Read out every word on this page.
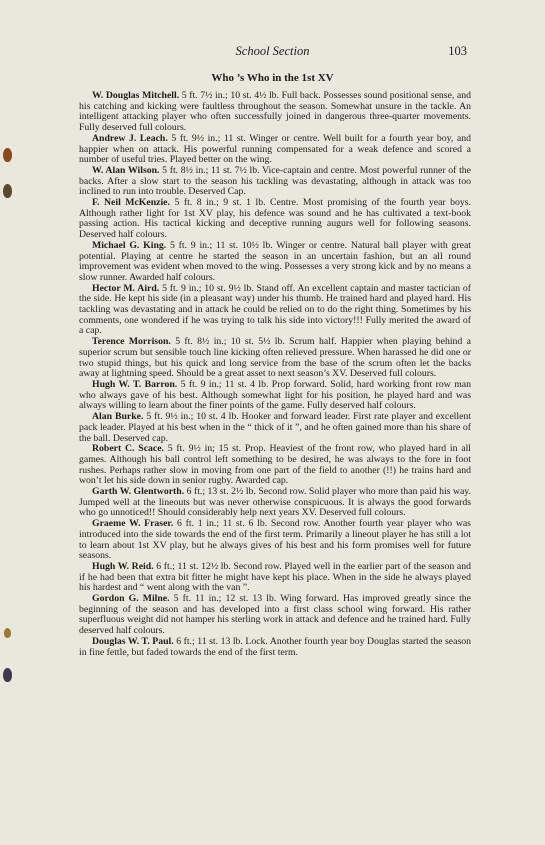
School Section	103
Who ’s Who in the 1st XV

W. Douglas Mitchell. 5 ft. 7½ in.; 10 st. 4½ lb. Full back. Possesses sound positional sense, and his catching and kicking were faultless throughout the season. Somewhat unsure in the tackle. An intelligent attacking player who often successfully joined in dangerous three-quarter movements. Fully deserved full colours.

Andrew J. Leach. 5 ft. 9½ in.; 11 st. Winger or centre. Well built for a fourth year boy, and happier when on attack. His powerful running compensated for a weak defence and scored a number of useful tries. Played better on the wing.

W. Alan Wilson. 5 ft. 8½ in.; 11 st. 7½ lb. Vice-captain and centre. Most powerful runner of the backs. After a slow start to the season his tackling was devastating, although in attack was too inclined to run into trouble. Deserved Cap.

F. Neil McKenzie. 5 ft. 8 in.; 9 st. 1 lb. Centre. Most promising of the fourth year boys. Although rather light for 1st XV play, his defence was sound and he has cultivated a text-book passing action. His tactical kicking and deceptive running augurs well for following seasons. Deserved half colours.

Michael G. King. 5 ft. 9 in.; 11 st. 10½ lb. Winger or centre. Natural ball player with great potential. Playing at centre he started the season in an uncertain fashion, but an all round improvement was evident when moved to the wing. Possesses a very strong kick and by no means a slow runner. Awarded half colours.

Hector M. Aird. 5 ft. 9 in.; 10 st. 9½ lb. Stand off. An excellent captain and master tactician of the side. He kept his side (in a pleasant way) under his thumb. He trained hard and played hard. His tackling was devastating and in attack he could be relied on to do the right thing. Sometimes by his comments, one wondered if he was trying to talk his side into victory!!! Fully merited the award of a cap.

Terence Morrison. 5 ft. 8½ in.; 10 st. 5½ lb. Scrum half. Happier when playing behind a superior scrum but sensible touch line kicking often relieved pressure. When harassed he did one or two stupid things, but his quick and long service from the base of the scrum often let the backs away at lightning speed. Should be a great asset to next season’s XV. Deserved full colours.

Hugh W. T. Barron. 5 ft. 9 in.; 11 st. 4 lb. Prop forward. Solid, hard working front row man who always gave of his best. Although somewhat light for his position, he played hard and was always willing to learn about the finer points of the game. Fully deserved half colours.

Alan Burke. 5 ft. 9½ in.; 10 st. 4 lb. Hooker and forward leader. First rate player and excellent pack leader. Played at his best when in the “ thick of it ”, and he often gained more than his share of the ball. Deserved cap.

Robert C. Scace. 5 ft. 9½ in; 15 st. Prop. Heaviest of the front row, who played hard in all games. Although his ball control left something to be desired, he was always to the fore in foot rushes. Perhaps rather slow in moving from one part of the field to another (!!) he trains hard and won’t let his side down in senior rugby. Awarded cap.

Garth W. Glentworth. 6 ft.; 13 st. 2½ lb. Second row. Solid player who more than paid his way. Jumped well at the lineouts but was never otherwise conspicuous. It is always the good forwards who go unnoticed!! Should considerably help next years XV. Deserved full colours.

Graeme W. Fraser. 6 ft. 1 in.; 11 st. 6 lb. Second row. Another fourth year player who was introduced into the side towards the end of the first term. Primarily a lineout player he has still a lot to learn about 1st XV play, but he always gives of his best and his form promises well for future seasons.

Hugh W. Reid. 6 ft.; 11 st. 12½ lb. Second row. Played well in the earlier part of the season and if he had been that extra bit fitter he might have kept his place. When in the side he always played his hardest and “ went along with the van ”.

Gordon G. Milne. 5 ft. 11 in.; 12 st. 13 lb. Wing forward. Has improved greatly since the beginning of the season and has developed into a first class school wing forward. His rather superfluous weight did not hamper his sterling work in attack and defence and he trained hard. Fully deserved half colours.

Douglas W. T. Paul. 6 ft.; 11 st. 13 lb. Lock. Another fourth year boy Douglas started the season in fine fettle, but faded towards the end of the first term.
